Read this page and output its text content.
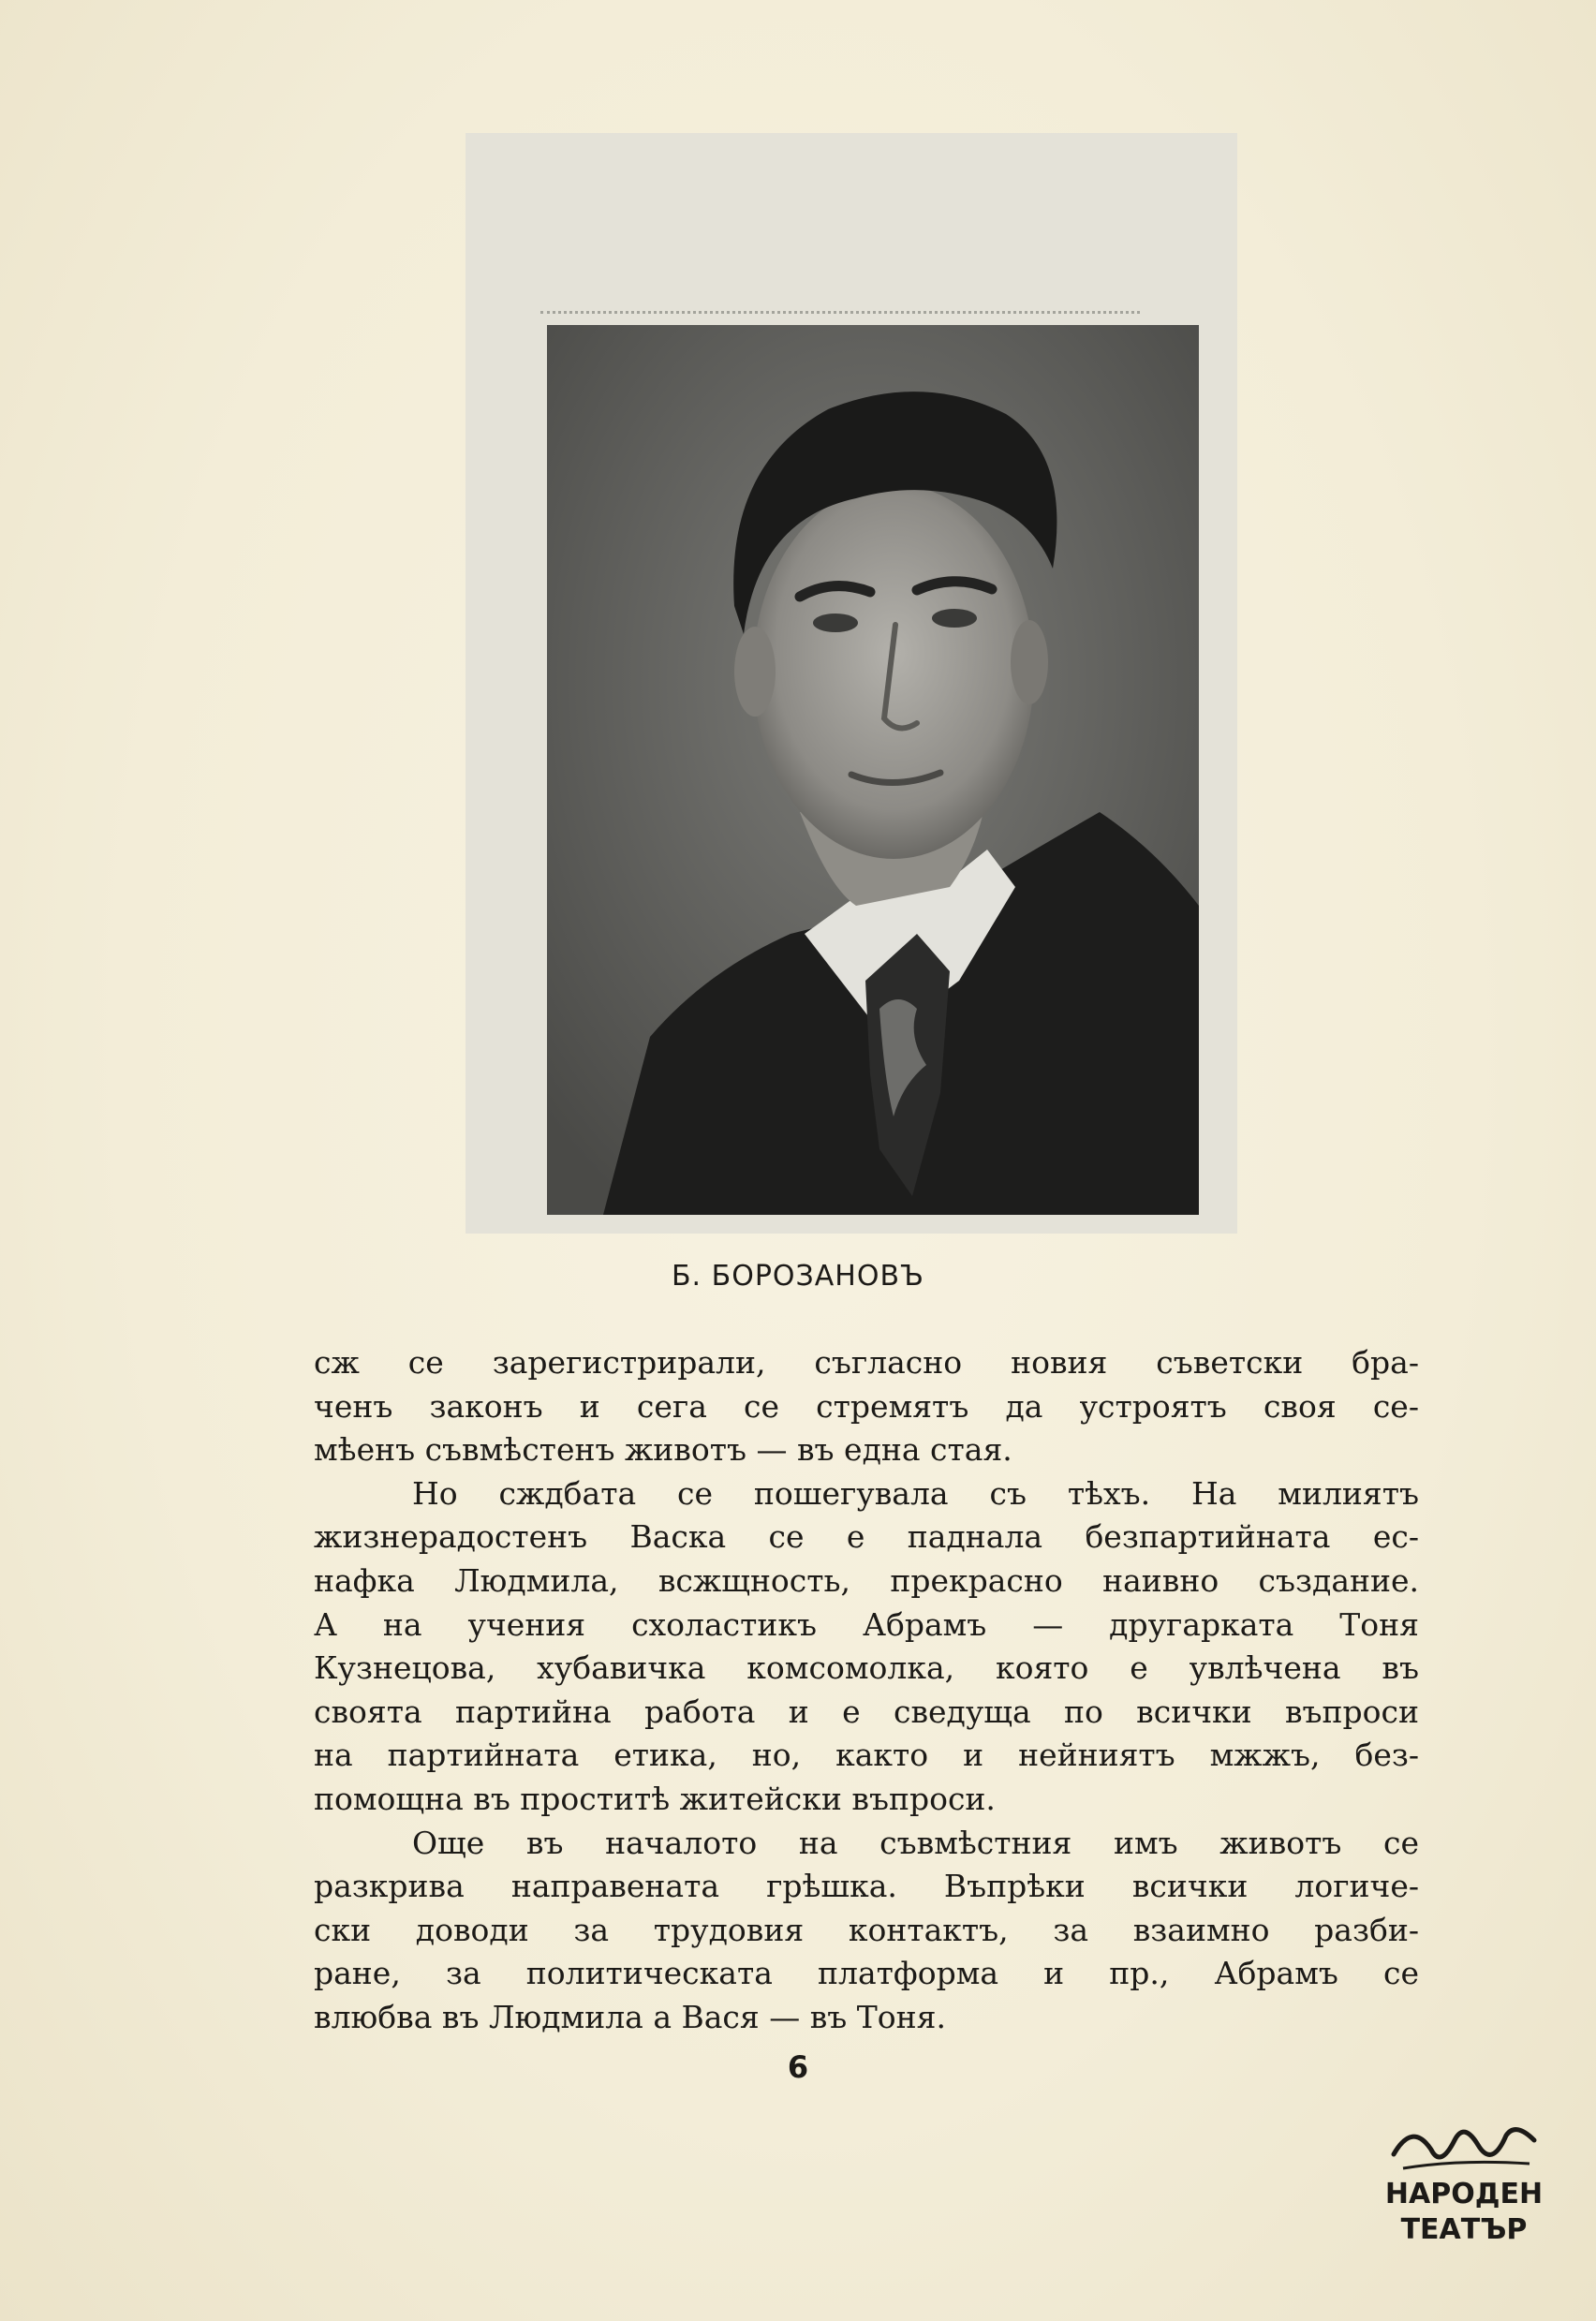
Б. БОРОЗАНОВЪ
сж се зарегистрирали, съгласно новия съветски бра-
ченъ законъ и сега се стремятъ да устроятъ своя се-
мѣенъ съвмѣстенъ животъ — въ една стая.
Но сждбата се пошегувала съ тѣхъ. На милиятъ
жизнерадостенъ Васка се е паднала безпартийната ес-
нафка Людмила, всжщность, прекрасно наивно създание.
А на учения схоластикъ Абрамъ — другарката Тоня
Кузнецова, хубавичка комсомолка, която е увлѣчена въ
своята партийна работа и е сведуща по всички въпроси
на партийната етика, но, както и нейниятъ мжжъ, без-
помощна въ проститѣ житейски въпроси.
Още въ началото на съвмѣстния имъ животъ се
разкрива направената грѣшка. Въпрѣки всички логиче-
ски доводи за трудовия контактъ, за взаимно разби-
ране, за политическата платформа и пр., Абрамъ се
влюбва въ Людмила а Вася — въ Тоня.
6
НАРОДЕН
ТЕАТЪР
